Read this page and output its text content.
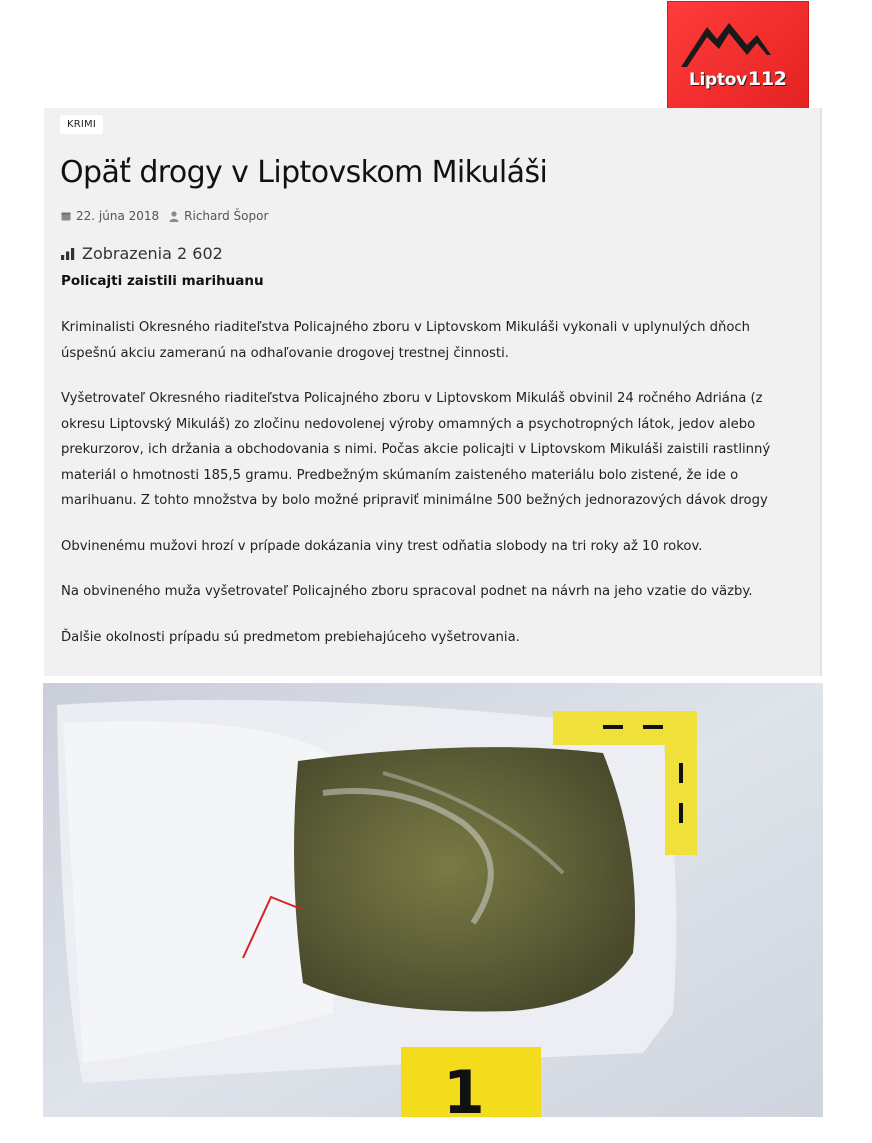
Liptov112
KRIMI
Opäť drogy v Liptovskom Mikuláši
22. júna 2018 Richard Šopor
Zobrazenia 2 602
Policajti zaistili marihuanu

Kriminalisti Okresného riaditeľstva Policajného zboru v Liptovskom Mikuláši vykonali v uplynulých dňoch úspešnú akciu zameranú na odhaľovanie drogovej trestnej činnosti.

Vyšetrovateľ Okresného riaditeľstva Policajného zboru v Liptovskom Mikuláš obvinil 24 ročného Adriána (z okresu Liptovský Mikuláš) zo zločinu nedovolenej výroby omamných a psychotropných látok, jedov alebo prekurzorov, ich držania a obchodovania s nimi. Počas akcie policajti v Liptovskom Mikuláši zaistili rastlinný materiál o hmotnosti 185,5 gramu. Predbežným skúmaním zaisteného materiálu bolo zistené, že ide o marihuanu. Z tohto množstva by bolo možné pripraviť minimálne 500 bežných jednorazových dávok drogy

Obvinenému mužovi hrozí v prípade dokázania viny trest odňatia slobody na tri roky až 10 rokov.

Na obvineného muža vyšetrovateľ Policajného zboru spracoval podnet na návrh na jeho vzatie do väzby.

Ďalšie okolnosti prípadu sú predmetom prebiehajúceho vyšetrovania.

1
